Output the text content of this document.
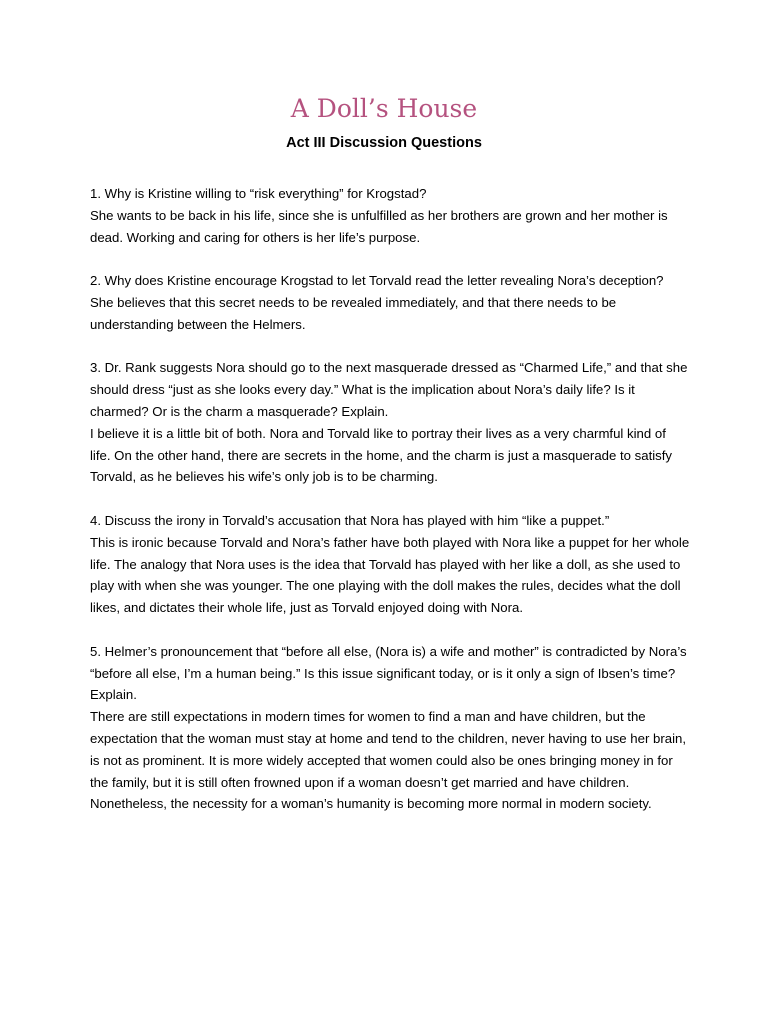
A Doll’s House
Act III Discussion Questions

1. Why is Kristine willing to “risk everything” for Krogstad?

She wants to be back in his life, since she is unfulfilled as her brothers are grown and her mother is dead. Working and caring for others is her life’s purpose.

2. Why does Kristine encourage Krogstad to let Torvald read the letter revealing Nora’s deception?

She believes that this secret needs to be revealed immediately, and that there needs to be understanding between the Helmers.

3. Dr. Rank suggests Nora should go to the next masquerade dressed as “Charmed Life,” and that she should dress “just as she looks every day.” What is the implication about Nora’s daily life? Is it charmed? Or is the charm a masquerade? Explain.

I believe it is a little bit of both. Nora and Torvald like to portray their lives as a very charmful kind of life. On the other hand, there are secrets in the home, and the charm is just a masquerade to satisfy Torvald, as he believes his wife’s only job is to be charming.

4. Discuss the irony in Torvald’s accusation that Nora has played with him “like a puppet.”

This is ironic because Torvald and Nora’s father have both played with Nora like a puppet for her whole life. The analogy that Nora uses is the idea that Torvald has played with her like a doll, as she used to play with when she was younger. The one playing with the doll makes the rules, decides what the doll likes, and dictates their whole life, just as Torvald enjoyed doing with Nora.

5. Helmer’s pronouncement that “before all else, (Nora is) a wife and mother” is contradicted by Nora’s “before all else, I’m a human being.” Is this issue significant today, or is it only a sign of Ibsen’s time? Explain.

There are still expectations in modern times for women to find a man and have children, but the expectation that the woman must stay at home and tend to the children, never having to use her brain, is not as prominent. It is more widely accepted that women could also be ones bringing money in for the family, but it is still often frowned upon if a woman doesn’t get married and have children. Nonetheless, the necessity for a woman’s humanity is becoming more normal in modern society.
